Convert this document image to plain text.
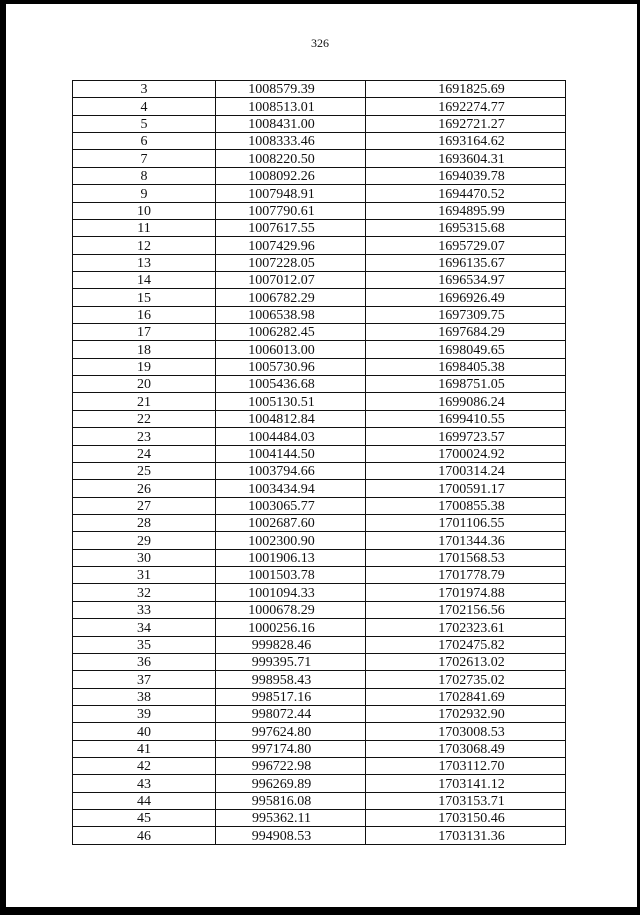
326
3	1008579.39	1691825.69
4	1008513.01	1692274.77
5	1008431.00	1692721.27
6	1008333.46	1693164.62
7	1008220.50	1693604.31
8	1008092.26	1694039.78
9	1007948.91	1694470.52
10	1007790.61	1694895.99
11	1007617.55	1695315.68
12	1007429.96	1695729.07
13	1007228.05	1696135.67
14	1007012.07	1696534.97
15	1006782.29	1696926.49
16	1006538.98	1697309.75
17	1006282.45	1697684.29
18	1006013.00	1698049.65
19	1005730.96	1698405.38
20	1005436.68	1698751.05
21	1005130.51	1699086.24
22	1004812.84	1699410.55
23	1004484.03	1699723.57
24	1004144.50	1700024.92
25	1003794.66	1700314.24
26	1003434.94	1700591.17
27	1003065.77	1700855.38
28	1002687.60	1701106.55
29	1002300.90	1701344.36
30	1001906.13	1701568.53
31	1001503.78	1701778.79
32	1001094.33	1701974.88
33	1000678.29	1702156.56
34	1000256.16	1702323.61
35	999828.46	1702475.82
36	999395.71	1702613.02
37	998958.43	1702735.02
38	998517.16	1702841.69
39	998072.44	1702932.90
40	997624.80	1703008.53
41	997174.80	1703068.49
42	996722.98	1703112.70
43	996269.89	1703141.12
44	995816.08	1703153.71
45	995362.11	1703150.46
46	994908.53	1703131.36
